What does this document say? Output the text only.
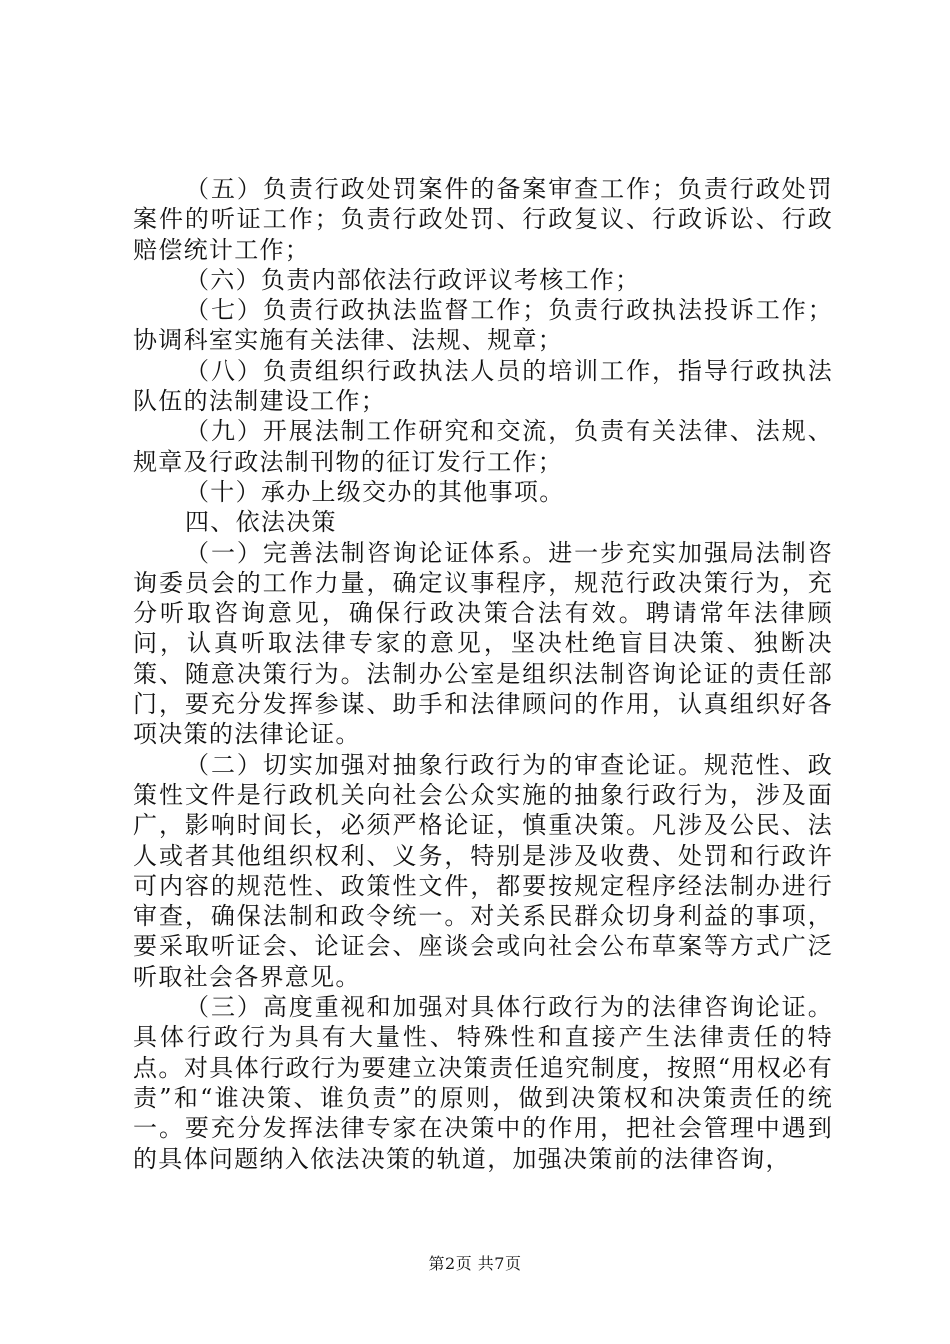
（五）负责行政处罚案件的备案审查工作；负责行政处罚案件的听证工作；负责行政处罚、行政复议、行政诉讼、行政赔偿统计工作；

（六）负责内部依法行政评议考核工作；

（七）负责行政执法监督工作；负责行政执法投诉工作；协调科室实施有关法律、法规、规章；

（八）负责组织行政执法人员的培训工作，指导行政执法队伍的法制建设工作；

（九）开展法制工作研究和交流，负责有关法律、法规、规章及行政法制刊物的征订发行工作；

（十）承办上级交办的其他事项。

四、依法决策

（一）完善法制咨询论证体系。进一步充实加强局法制咨询委员会的工作力量，确定议事程序，规范行政决策行为，充分听取咨询意见，确保行政决策合法有效。聘请常年法律顾问，认真听取法律专家的意见，坚决杜绝盲目决策、独断决策、随意决策行为。法制办公室是组织法制咨询论证的责任部门，要充分发挥参谋、助手和法律顾问的作用，认真组织好各项决策的法律论证。

（二）切实加强对抽象行政行为的审查论证。规范性、政策性文件是行政机关向社会公众实施的抽象行政行为，涉及面广，影响时间长，必须严格论证，慎重决策。凡涉及公民、法人或者其他组织权利、义务，特别是涉及收费、处罚和行政许可内容的规范性、政策性文件，都要按规定程序经法制办进行审查，确保法制和政令统一。对关系民群众切身利益的事项，要采取听证会、论证会、座谈会或向社会公布草案等方式广泛听取社会各界意见。

（三）高度重视和加强对具体行政行为的法律咨询论证。具体行政行为具有大量性、特殊性和直接产生法律责任的特点。对具体行政行为要建立决策责任追究制度，按照“用权必有责”和“谁决策、谁负责”的原则，做到决策权和决策责任的统一。要充分发挥法律专家在决策中的作用，把社会管理中遇到的具体问题纳入依法决策的轨道，加强决策前的法律咨询，

第2页 共7页
